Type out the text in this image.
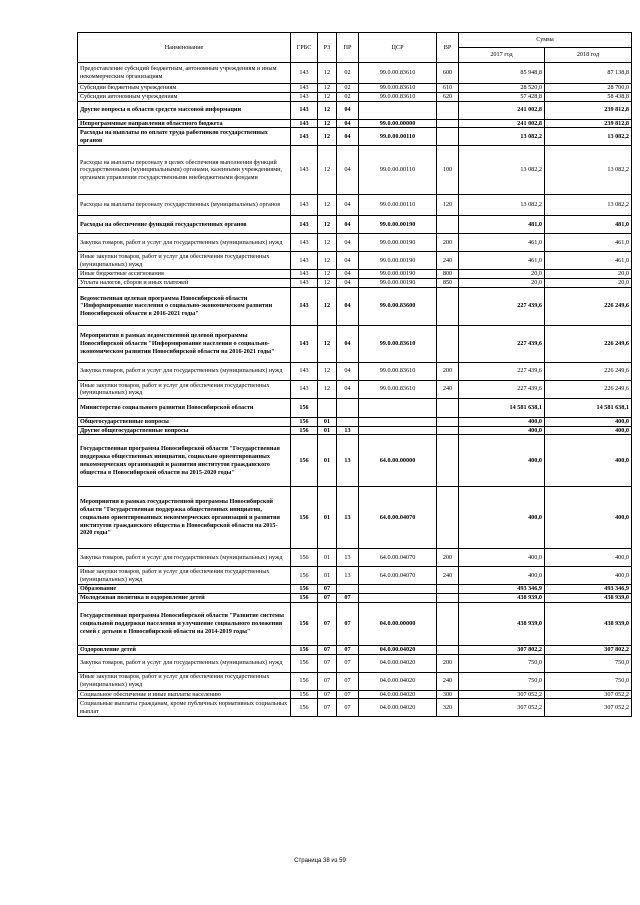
Наименование	ГРБС	РЗ	ПР	ЦСР	ВР	Сумма	
						2017 год	2018 год
Предоставление субсидий бюджетным, автономным учреждениям и иным некоммерческим организациям	143	12	02	99.0.00.83610	600	85 948,8	87 138,8
Субсидии бюджетным учреждениям	143	12	02	99.0.00.83610	610	28 520,0	28 700,0
Субсидии автономным учреждениям	143	12	02	99.0.00.83610	620	57 428,8	58 438,8
Другие вопросы в области средств массовой информации	143	12	04			241 002,8	239 812,8
Непрограммные направления областного бюджета	143	12	04	99.0.00.00000		241 002,8	239 812,8
Расходы на выплаты по оплате труда работников государственных органов	143	12	04	99.0.00.00110		13 082,2	13 082,2
Расходы на выплаты персоналу в целях обеспечения выполнения функций государственными (муниципальными) органами, казенными учреждениями, органами управления государственными внебюджетными фондами	143	12	04	99.0.00.00110	100	13 082,2	13 082,2
Расходы на выплаты персоналу государственных (муниципальных) органов	143	12	04	99.0.00.00110	120	13 082,2	13 082,2
Расходы на обеспечение функций государственных органов	143	12	04	99.0.00.00190		481,0	481,0
Закупка товаров, работ и услуг для государственных (муниципальных) нужд	143	12	04	99.0.00.00190	200	461,0	461,0
Иные закупки товаров, работ и услуг для обеспечения государственных (муниципальных) нужд	143	12	04	99.0.00.00190	240	461,0	461,0
Иные бюджетные ассигнования	143	12	04	99.0.00.00190	800	20,0	20,0
Уплата налогов, сборов и иных платежей	143	12	04	99.0.00.00190	850	20,0	20,0
Ведомственная целевая программа Новосибирской области "Информирование населения о социально-экономическом развитии Новосибирской области в 2016-2021 годы"	143	12	04	99.0.00.83600		227 439,6	226 249,6
Мероприятия в рамках ведомственной целевой программы Новосибирской области "Информирование населения о социально-экономическом развитии Новосибирской области на 2016-2021 годы"	143	12	04	99.0.00.83610		227 439,6	226 249,6
Закупка товаров, работ и услуг для государственных (муниципальных) нужд	143	12	04	99.0.00.83610	200	227 439,6	226 249,6
Иные закупки товаров, работ и услуг для обеспечения государственных (муниципальных) нужд	143	12	04	99.0.00.83610	240	227 439,6	226 249,6
Министерство социального развития Новосибирской области	156					14 581 638,1	14 581 638,1
Общегосударственные вопросы	156	01				400,0	400,0
Другие общегосударственные вопросы	156	01	13			400,0	400,0
Государственная программа Новосибирской области "Государственная поддержка общественных инициатив, социально ориентированных некоммерческих организаций и развития институтов гражданского общества в Новосибирской области на 2015-2020 годы"	156	01	13	64.0.00.00000		400,0	400,0
Мероприятия в рамках государственной программы Новосибирской области "Государственная поддержка общественных инициатив, социально ориентированных некоммерческих организаций и развития институтов гражданского общества в Новосибирской области на 2015-2020 годы"	156	01	13	64.0.00.04070		400,0	400,0
Закупка товаров, работ и услуг для государственных (муниципальных) нужд	156	01	13	64.0.00.04070	200	400,0	400,0
Иные закупки товаров, работ и услуг для обеспечения государственных (муниципальных) нужд	156	01	13	64.0.00.04070	240	400,0	400,0
Образование	156	07				493 346,9	493 346,9
Молодежная политика и оздоровление детей	156	07	07			438 939,0	438 939,0
Государственная программа Новосибирской области "Развитие системы социальной поддержки населения и улучшение социального положения семей с детьми в Новосибирской области на 2014-2019 годы"	156	07	07	04.0.00.00000		438 939,0	438 939,0
Оздоровление детей	156	07	07	04.0.00.04020		307 802,2	307 802,2
Закупка товаров, работ и услуг для государственных (муниципальных) нужд	156	07	07	04.0.00.04020	200	750,0	750,0
Иные закупки товаров, работ и услуг для обеспечения государственных (муниципальных) нужд	156	07	07	04.0.00.04020	240	750,0	750,0
Социальное обеспечение и иные выплаты населению	156	07	07	04.0.00.04020	300	307 052,2	307 052,2
Социальные выплаты гражданам, кроме публичных нормативных социальных выплат	156	07	07	04.0.00.04020	320	307 052,2	307 052,2
Страница 38 из 59
